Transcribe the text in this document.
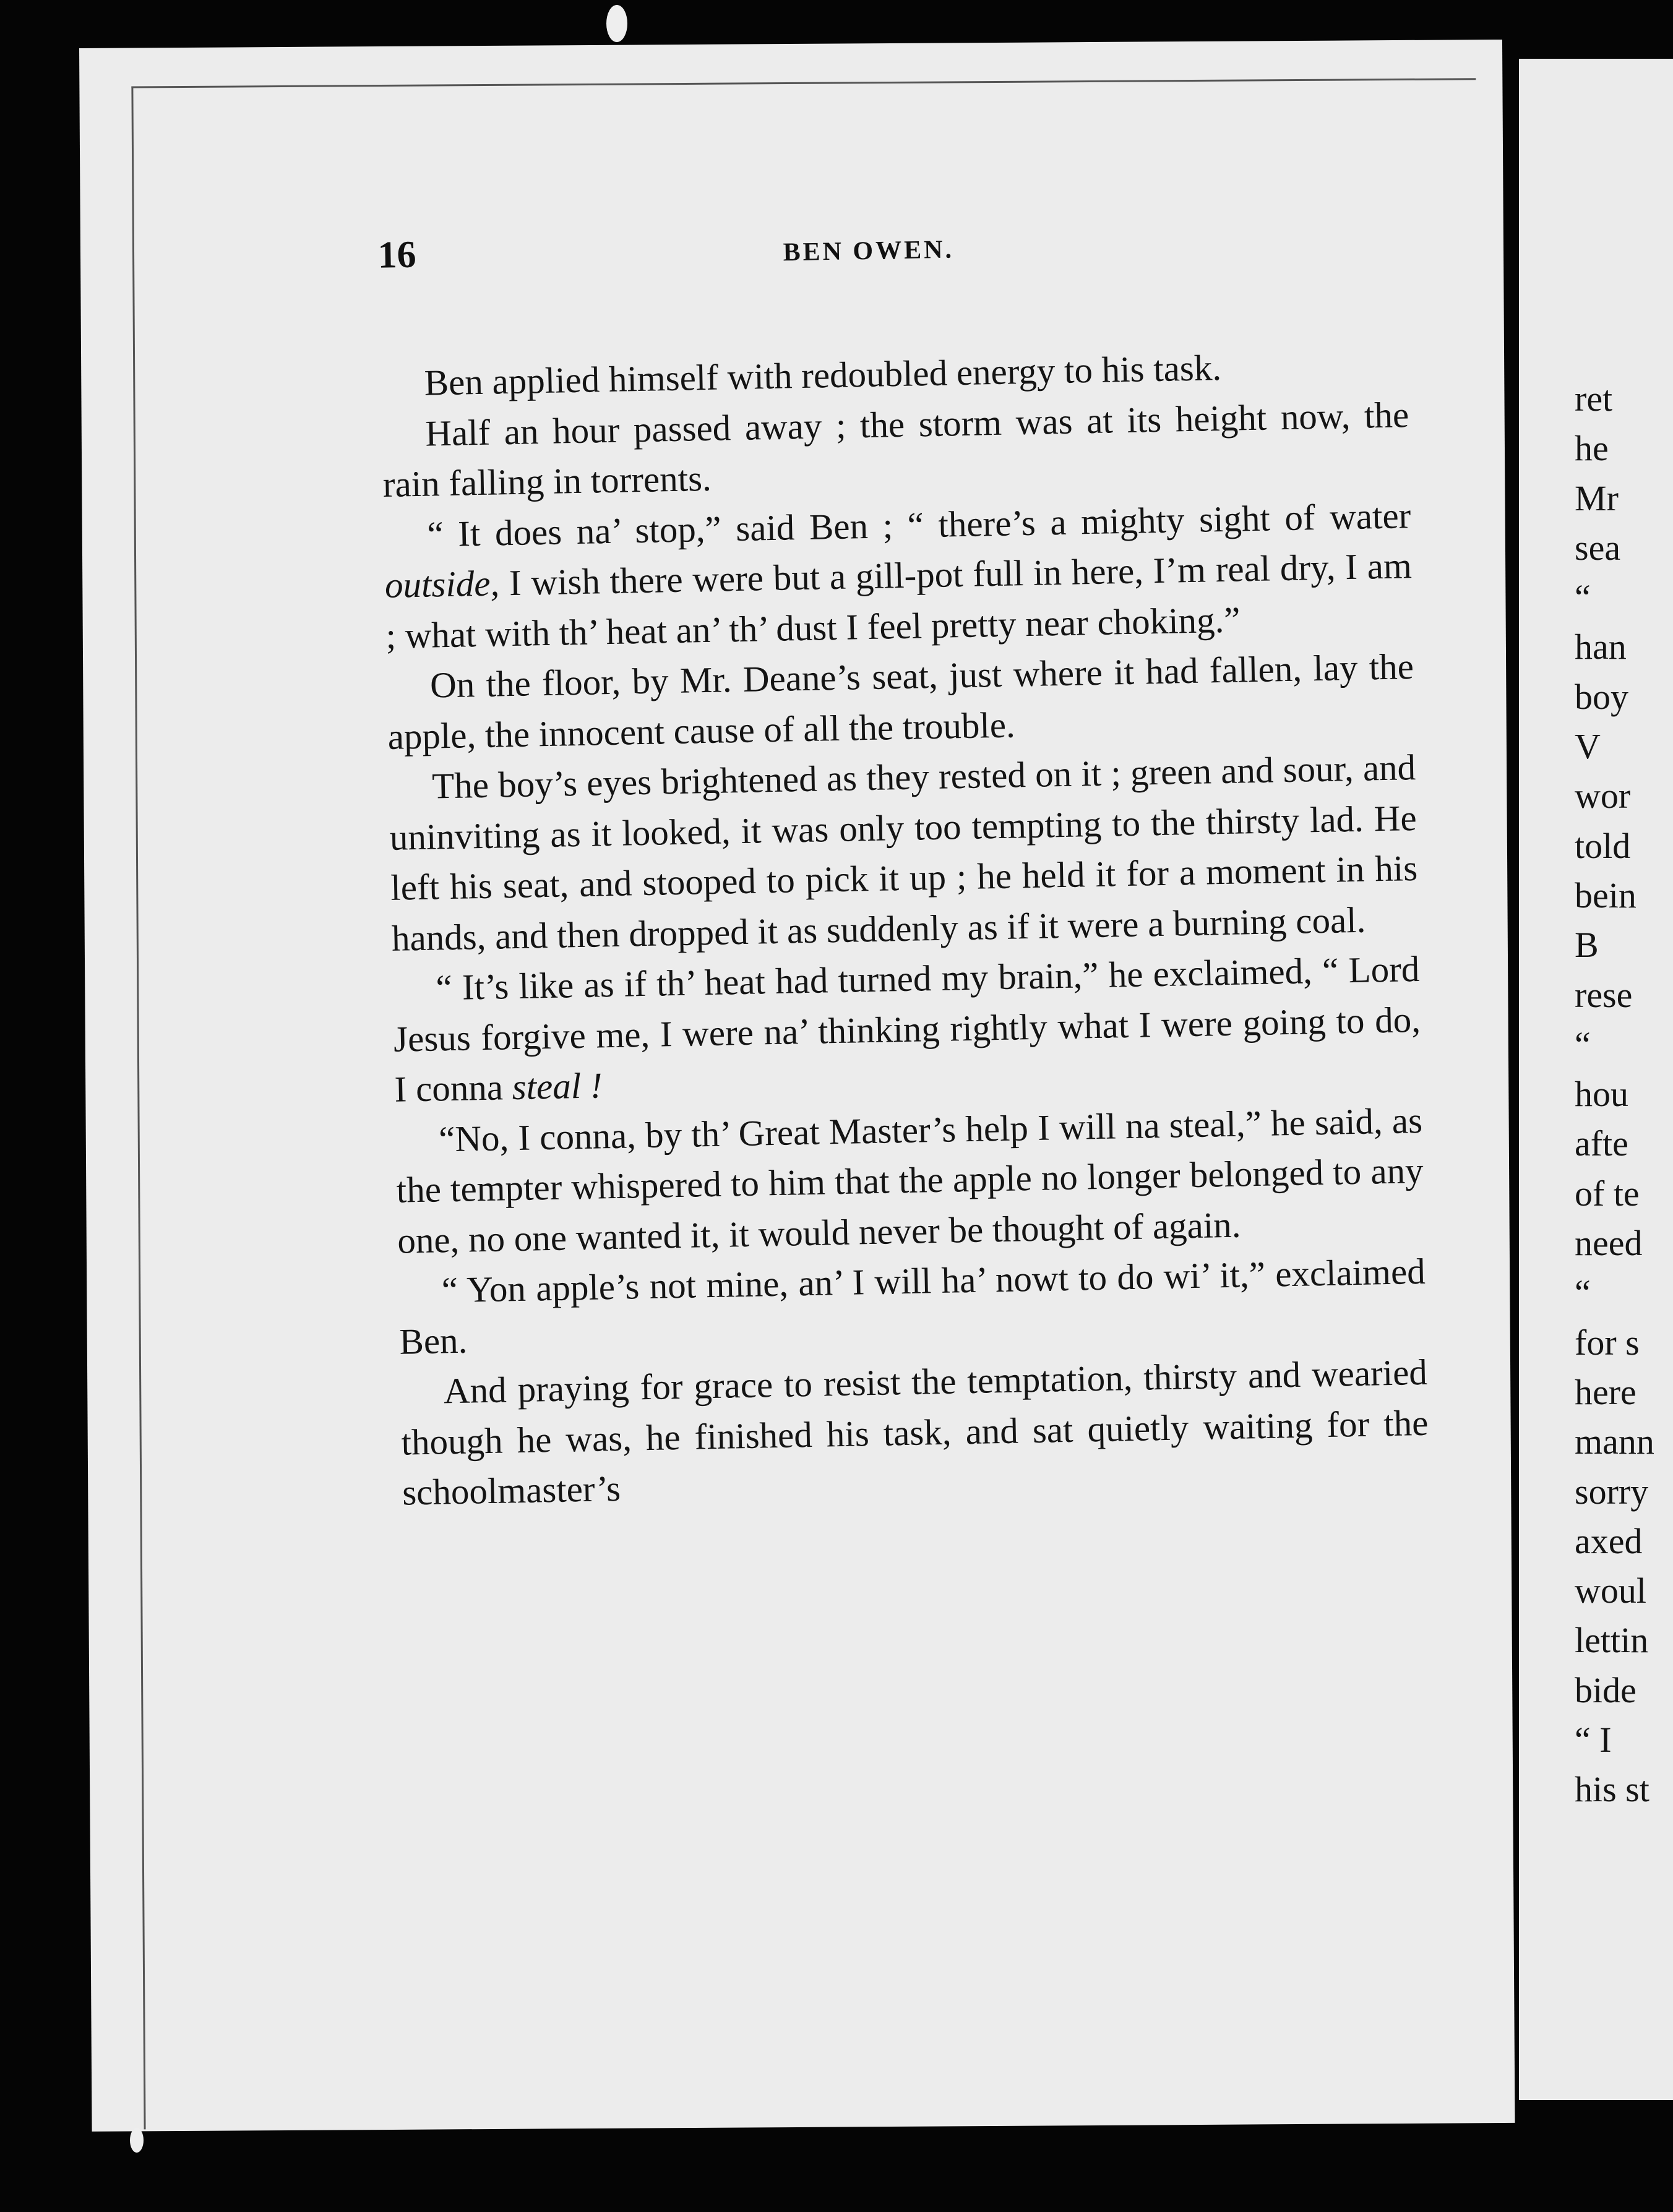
ret
he
Mr
sea
“
han
boy
V
wor
told
bein
B
rese
“
hou
afte
of te
need
“
for s
here
mann
sorry
axed
woul
lettin
bide
“ I
his st
16	BEN OWEN.

Ben applied himself with redoubled energy to his task.

Half an hour passed away ; the storm was at its height now, the rain falling in torrents.

“ It does na’ stop,” said Ben ; “ there’s a mighty sight of water outside, I wish there were but a gill-pot full in here, I’m real dry, I am ; what with th’ heat an’ th’ dust I feel pretty near choking.”

On the floor, by Mr. Deane’s seat, just where it had fallen, lay the apple, the innocent cause of all the trouble.

The boy’s eyes brightened as they rested on it ; green and sour, and uninviting as it looked, it was only too tempting to the thirsty lad. He left his seat, and stooped to pick it up ; he held it for a moment in his hands, and then dropped it as suddenly as if it were a burning coal.

“ It’s like as if th’ heat had turned my brain,” he exclaimed, “ Lord Jesus forgive me, I were na’ thinking rightly what I were going to do, I conna steal !

“No, I conna, by th’ Great Master’s help I will na steal,” he said, as the tempter whispered to him that the apple no longer belonged to any one, no one wanted it, it would never be thought of again.

“ Yon apple’s not mine, an’ I will ha’ nowt to do wi’ it,” exclaimed Ben.

And praying for grace to resist the temptation, thirsty and wearied though he was, he finished his task, and sat quietly waiting for the schoolmaster’s
